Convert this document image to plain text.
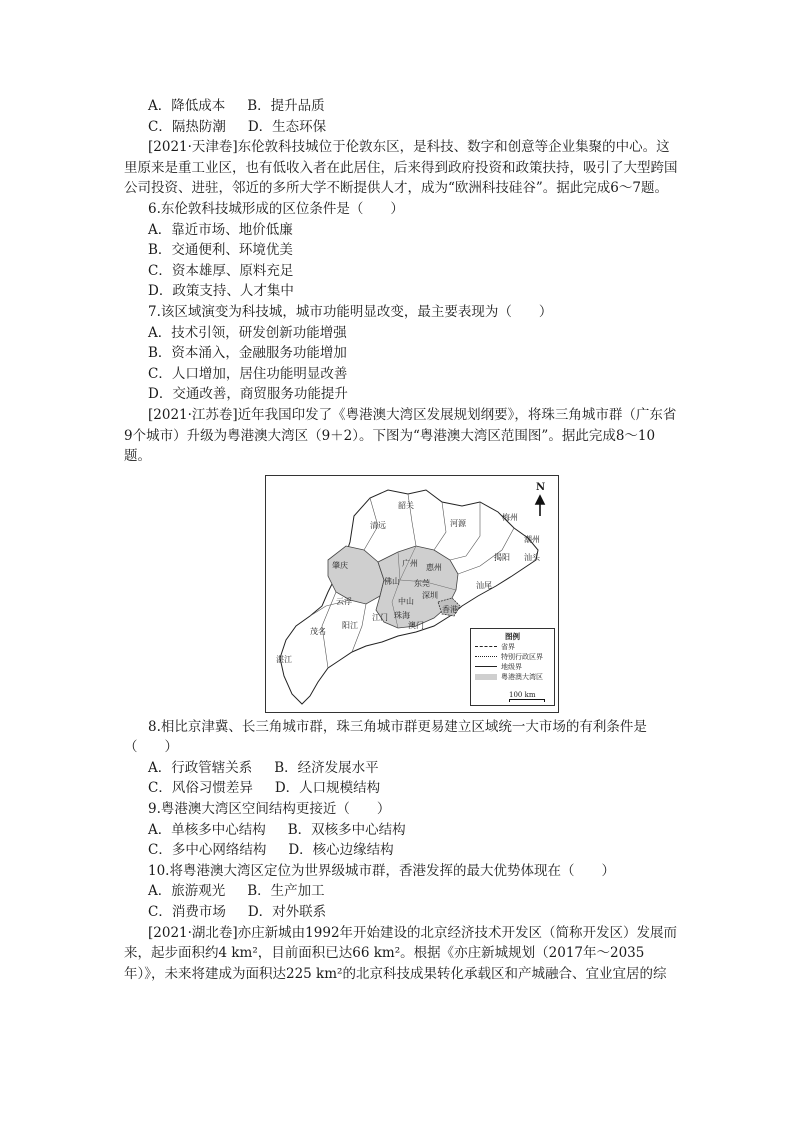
A．降低成本 B．提升品质
C．隔热防潮 D．生态环保
[2021·天津卷]东伦敦科技城位于伦敦东区，是科技、数字和创意等企业集聚的中心。这里原来是重工业区，也有低收入者在此居住，后来得到政府投资和政策扶持，吸引了大型跨国公司投资、进驻，邻近的多所大学不断提供人才，成为“欧洲科技硅谷”。据此完成6～7题。
6.东伦敦科技城形成的区位条件是（　　）
A．靠近市场、地价低廉
B．交通便利、环境优美
C．资本雄厚、原料充足
D．政策支持、人才集中
7.该区域演变为科技城，城市功能明显改变，最主要表现为（　　）
A．技术引领，研发创新功能增强
B．资本涌入，金融服务功能增加
C．人口增加，居住功能明显改善
D．交通改善，商贸服务功能提升
[2021·江苏卷]近年我国印发了《粤港澳大湾区发展规划纲要》，将珠三角城市群（广东省9个城市）升级为粤港澳大湾区（9＋2）。下图为“粤港澳大湾区范围图”。据此完成8～10题。
N
韶关
清远	河源
梅州
潮州
肇庆	广州 惠州
揭阳 汕头
佛山 东莞	汕尾
深圳
云浮	中山
香港
江门 珠海
澳门
茂名
阳江
湛江
图例
省界
特别行政区界
地级界
粤港澳大湾区
100 km
8.相比京津冀、长三角城市群，珠三角城市群更易建立区域统一大市场的有利条件是（　　）
A．行政管辖关系 B．经济发展水平
C．风俗习惯差异 D．人口规模结构
9.粤港澳大湾区空间结构更接近（　　）
A．单核多中心结构 B．双核多中心结构
C．多中心网络结构 D．核心边缘结构
10.将粤港澳大湾区定位为世界级城市群，香港发挥的最大优势体现在（　　）
A．旅游观光 B．生产加工
C．消费市场 D．对外联系
[2021·湖北卷]亦庄新城由1992年开始建设的北京经济技术开发区（简称开发区）发展而来，起步面积约4 km²，目前面积已达66 km²。根据《亦庄新城规划（2017年～2035年）》，未来将建成为面积达225 km²的北京科技成果转化承载区和产城融合、宜业宜居的综
